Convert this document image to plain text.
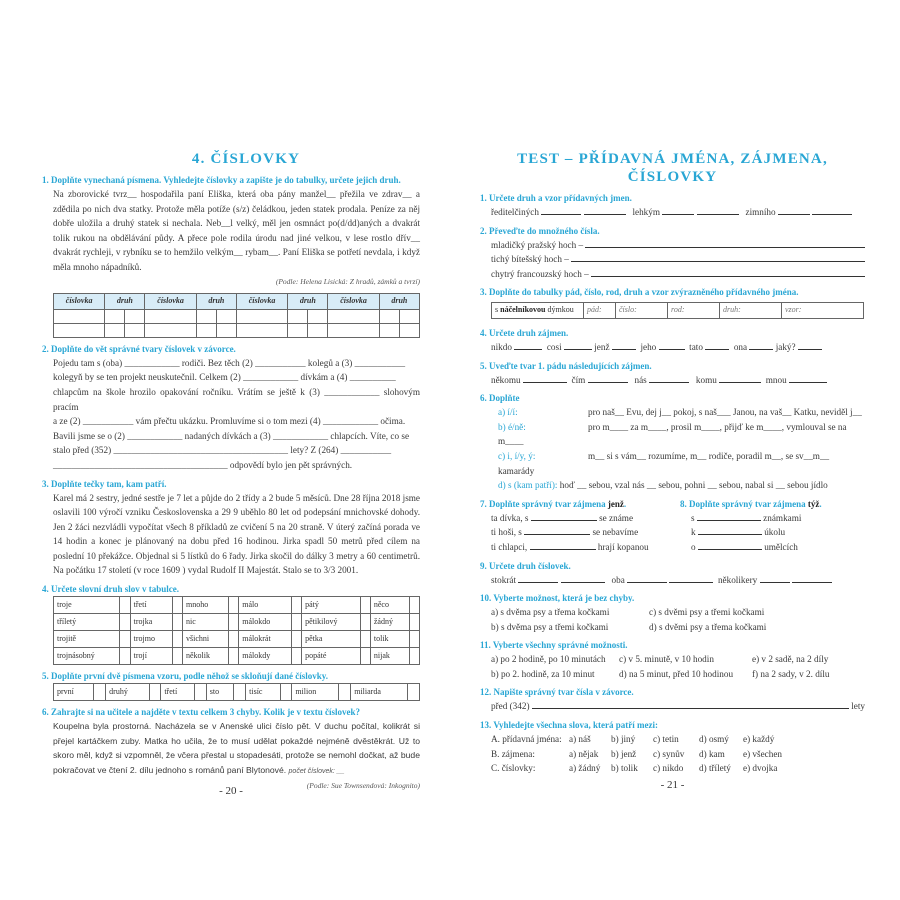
4. ČÍSLOVKY
1. Doplňte vynechaná písmena. Vyhledejte číslovky a zapište je do tabulky, určete jejich druh.
Na zborovické tvrz__ hospodařila paní Eliška, která oba pány manžel__ přežila ve zdrav__ a zdědila po nich dva statky. Protože měla potíže (s/z) čeládkou, jeden statek prodala. Peníze za něj dobře uložila a druhý statek si nechala. Neb__l velký, měl jen osmnáct po(d/dd)aných a dvakrát tolik rukou na obdělávání půdy. A přece pole rodila úrodu nad jiné velkou, v lese rostlo dřív__ dvakrát rychleji, v rybníku se to hemžilo velkým__ rybam__. Paní Eliška se potřetí nevdala, i když měla mnoho nápadníků.
(Podle: Helena Lisická: Z hradů, zámků a tvrzí)
číslovka	druh		číslovka	druh		číslovka	druh		číslovka	druh	

2. Doplňte do vět správné tvary číslovek v závorce.
Pojedu tam s (oba) ____________ rodiči. Bez těch (2) ___________ kolegů a (3) ___________
kolegyň by se ten projekt neuskutečnil. Celkem (2) ____________ dívkám a (4) __________
chlapcům na škole hrozilo opakování ročníku. Vrátím se ještě k (3) ____________ slohovým pracím
a ze (2) ___________ vám přečtu ukázku. Promluvíme si o tom mezi (4) ____________ očima.
Bavili jsme se o (2) ____________ nadaných dívkách a (3) ____________ chlapcích. Víte, co se
stalo před (352) ______________________________________ lety? Z (264) ___________
______________________________________ odpovědí bylo jen pět správných.
3. Doplňte tečky tam, kam patří.
Karel má 2 sestry, jedné sestře je 7 let a půjde do 2 třídy a 2 bude 5 měsíců. Dne 28 října 2018 jsme oslavili 100 výročí vzniku Československa a 29 9 uběhlo 80 let od podepsání mnichovské dohody. Jen 2 žáci nezvládli vypočítat všech 8 příkladů ze cvičení 5 na 20 straně. V úterý začíná porada ve 14 hodin a konec je plánovaný na dobu před 16 hodinou. Jirka spadl 50 metrů před cílem na poslední 10 překážce. Objednal si 5 lístků do 6 řady. Jirka skočil do dálky 3 metry a 60 centimetrů. Na počátku 17 století (v roce 1609 ) vydal Rudolf II Majestát. Stalo se to 3/3 2001.
4. Určete slovní druh slov v tabulce.
troje		třetí		mnoho		málo		pátý		něco	
tříletý		trojka		nic		málokdo		pětikilový		žádný	
trojitě		trojmo		všichni		málokrát		pětka		tolik	
trojnásobný		trojí		několik		málokdy		popáté		nijak	
5. Doplňte první dvě písmena vzoru, podle něhož se skloňují dané číslovky.
první		druhý		třetí		sto		tisíc		milion		miliarda	
6. Zahrajte si na učitele a najděte v textu celkem 3 chyby. Kolik je v textu číslovek?
Koupelna byla prostorná. Nacházela se v Anenské ulici číslo pět. V duchu počítal, kolikrát si přejel kartáčkem zuby. Matka ho učila, že to musí udělat pokaždé nejméně dvěstěkrát. Už to skoro měl, když si vzpomněl, že včera přestal u stopadesáti, protože se nemohl dočkat, až bude pokračovat ve čtení 2. dílu jednoho s románů paní Blytonové. počet číslovek: __
(Podle: Sue Townsendová: Inkognito)
- 20 -
TEST – PŘÍDAVNÁ JMÉNA, ZÁJMENA, ČÍSLOVKY
1. Určete druh a vzor přídavných jmen.
ředitelčiných	lehkým	zimního
2. Převeďte do množného čísla.
mladičký pražský hoch –

tichý bítešský hoch –

chytrý francouzský hoch –

3. Doplňte do tabulky pád, číslo, rod, druh a vzor zvýrazněného přídavného jména.
s náčelníkovou dýmkou	pád:	číslo:	rod:	druh:	vzor:
4. Určete druh zájmen.
nikdo	cosi	jenž	jeho	tato	ona	jaký?
5. Uveďte tvar 1. pádu následujících zájmen.
někomu	čím	nás	komu	mnou
6. Doplňte
a) í/í:	pro naš__ Evu, dej j__ pokoj, s naš___ Janou, na vaš__ Katku, neviděl j__
b) é/ně:	pro m____ za m____, prosil m____, přijď ke m____, vymlouval se na m____
c) i, í/y, ý:	m__ si s vám__ rozumíme, m__ rodiče, poradil m__, se sv__m__ kamarády
d) s (kam patří): hoď __ sebou, vzal nás __ sebou, pohni __ sebou, nabal si __ sebou jídlo
7. Doplňte správný tvar zájmena jenž.
ta dívka, s	se známe
ti hoši, s	se nebavíme
ti chlapci,	hrají kopanou
8. Doplňte správný tvar zájmena týž.
s	známkami
k	úkolu
o	umělcích
9. Určete druh číslovek.
stokrát	oba	několikery
10. Vyberte možnost, která je bez chyby.
a) s dvěma psy a třema kočkami	c) s dvěmi psy a třemi kočkami
b) s dvěma psy a třemi kočkami	d) s dvěmi psy a třema kočkami
11. Vyberte všechny správné možnosti.
a) po 2 hodině, po 10 minutách	c) v 5. minutě, v 10 hodin	e) v 2 sadě, na 2 díly
b) po 2. hodině, za 10 minut	d) na 5 minut, před 10 hodinou	f) na 2 sady, v 2. dílu
12. Napište správný tvar čísla v závorce.
před (342)

	lety
13. Vyhledejte všechna slova, která patří mezi:
A. přídavná jména: a) náš	b) jiný	c) tetin	d) osmý	e) každý
B. zájmena:	a) nějak	b) jenž	c) synův	d) kam	e) všechen
C. číslovky:	a) žádný	b) tolik	c) nikdo	d) tříletý	e) dvojka
- 21 -
